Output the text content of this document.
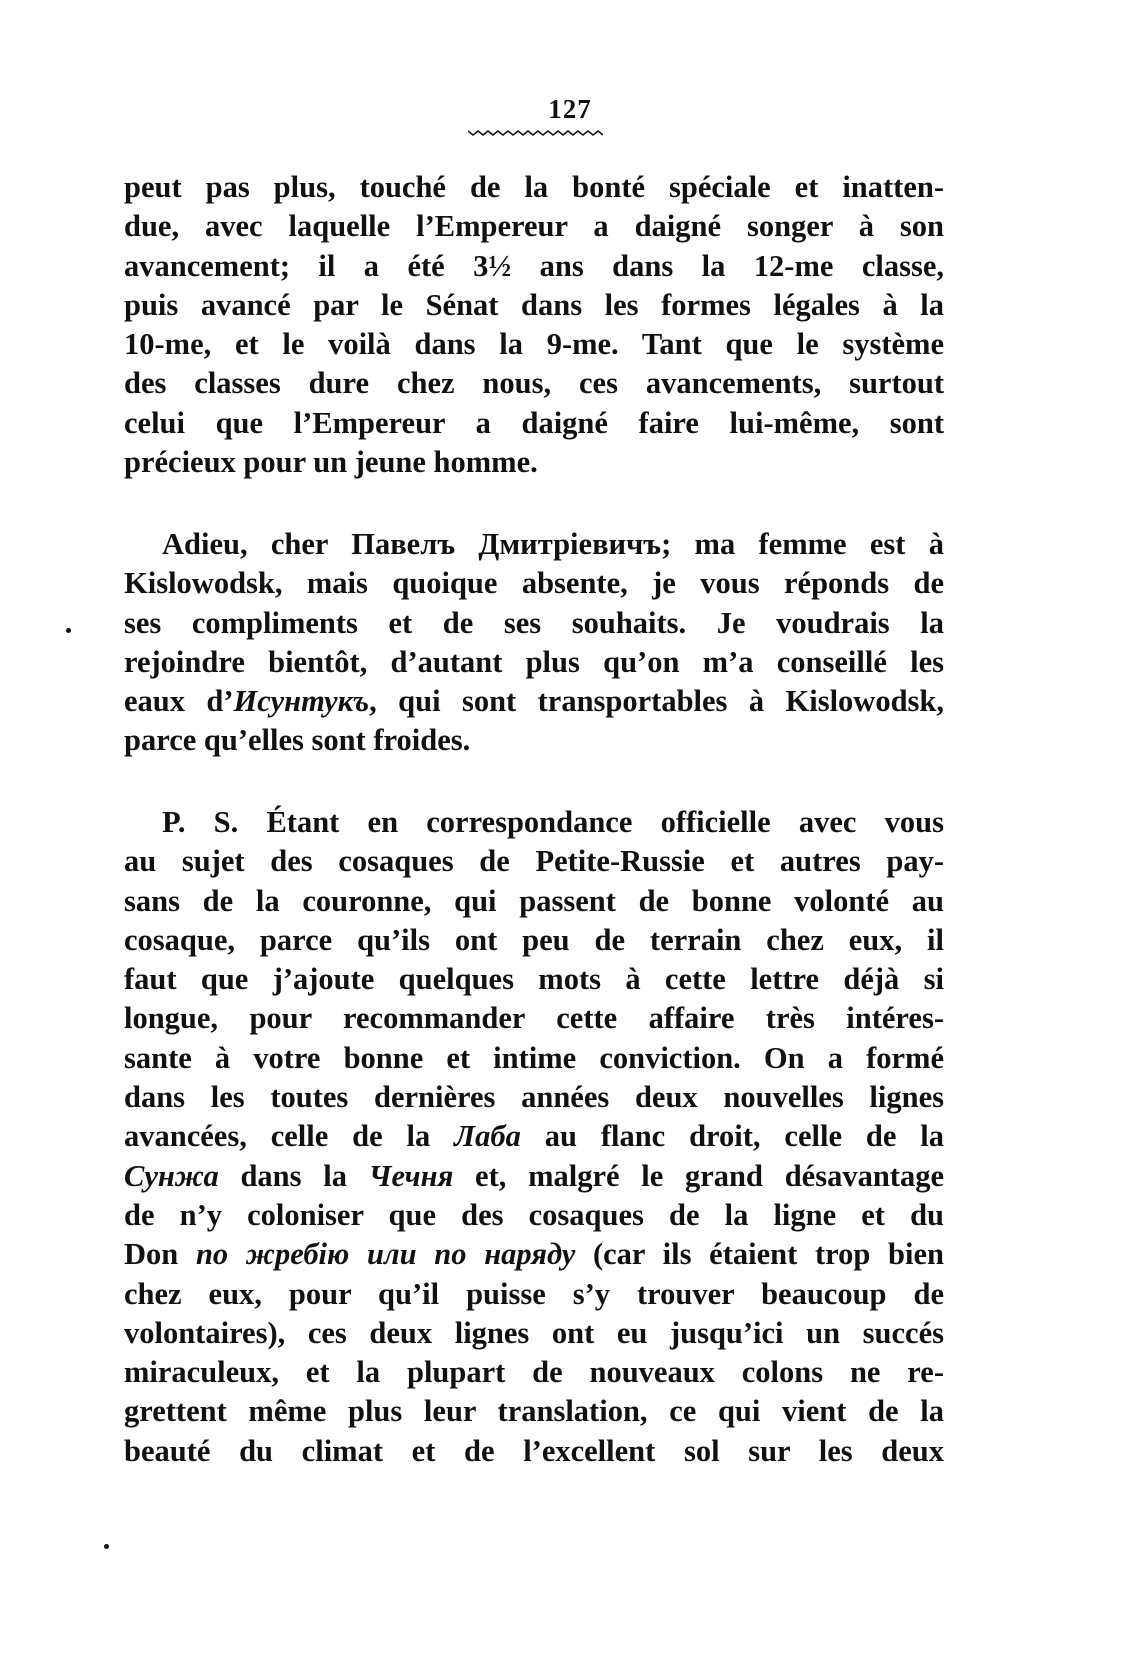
127
peut pas plus, touché de la bonté spéciale et inatten-
due, avec laquelle l’Empereur a daigné songer à son
avancement; il a été 3½ ans dans la 12-me classe,
puis avancé par le Sénat dans les formes légales à la
10-me, et le voilà dans la 9-me. Tant que le système
des classes dure chez nous, ces avancements, surtout
celui que l’Empereur a daigné faire lui-même, sont
précieux pour un jeune homme.
Adieu, cher Павелъ Дмитріевичъ; ma femme est à
Kislowodsk, mais quoique absente, je vous réponds de
ses compliments et de ses souhaits. Je voudrais la
rejoindre bientôt, d’autant plus qu’on m’a conseillé les
eaux d’Исунтукъ, qui sont transportables à Kislowodsk,
parce qu’elles sont froides.
P. S. Étant en correspondance officielle avec vous
au sujet des cosaques de Petite-Russie et autres pay-
sans de la couronne, qui passent de bonne volonté au
cosaque, parce qu’ils ont peu de terrain chez eux, il
faut que j’ajoute quelques mots à cette lettre déjà si
longue, pour recommander cette affaire très intéres-
sante à votre bonne et intime conviction. On a formé
dans les toutes dernières années deux nouvelles lignes
avancées, celle de la Лаба au flanc droit, celle de la
Сунжа dans la Чечня et, malgré le grand désavantage
de n’y coloniser que des cosaques de la ligne et du
Don по жребію или по наряду (car ils étaient trop bien
chez eux, pour qu’il puisse s’y trouver beaucoup de
volontaires), ces deux lignes ont eu jusqu’ici un succés
miraculeux, et la plupart de nouveaux colons ne re-
grettent même plus leur translation, ce qui vient de la
beauté du climat et de l’excellent sol sur les deux
